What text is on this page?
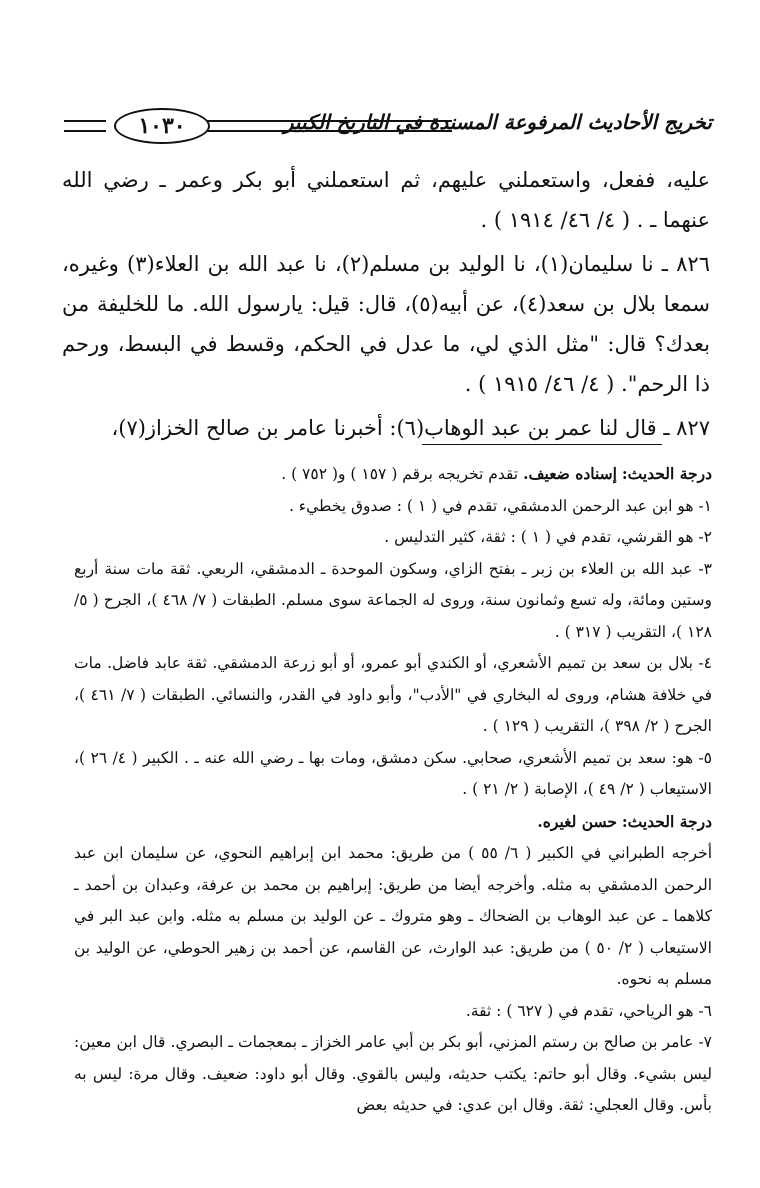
تخريج الأحاديث المرفوعة المسندة في التاريخ الكبير
١٠٣٠

عليه، ففعل، واستعملني عليهم، ثم استعملني أبو بكر وعمر ـ رضي الله عنهما ـ . ( ٤/ ٤٦/ ١٩١٤ ) .

٨٢٦ ـ نا سليمان(١)، نا الوليد بن مسلم(٢)، نا عبد الله بن العلاء(٣) وغيره، سمعا بلال بن سعد(٤)، عن أبيه(٥)، قال: قيل: يارسول الله. ما للخليفة من بعدك؟ قال: "مثل الذي لي، ما عدل في الحكم، وقسط في البسط، ورحم ذا الرحم". ( ٤/ ٤٦/ ١٩١٥ ) .

٨٢٧ ـ قال لنا عمر بن عبد الوهاب(٦): أخبرنا عامر بن صالح الخزاز(٧)،

درجة الحديث: إسناده ضعيف. تقدم تخريجه برقم ( ١٥٧ ) و( ٧٥٢ ) .

١- هو ابن عبد الرحمن الدمشقي، تقدم في ( ١ ) : صدوق يخطيء .

٢- هو القرشي، تقدم في ( ١ ) : ثقة، كثير التدليس .

٣- عبد الله بن العلاء بن زبر ـ بفتح الزاي، وسكون الموحدة ـ الدمشقي، الربعي. ثقة مات سنة أربع وستين ومائة، وله تسع وثمانون سنة، وروى له الجماعة سوى مسلم. الطبقات ( ٧/ ٤٦٨ )، الجرح ( ٥/ ١٢٨ )، التقريب ( ٣١٧ ) .

٤- بلال بن سعد بن تميم الأشعري، أو الكندي أبو عمرو، أو أبو زرعة الدمشقي. ثقة عابد فاضل. مات في خلافة هشام، وروى له البخاري في "الأدب"، وأبو داود في القدر، والنسائي. الطبقات ( ٧/ ٤٦١ )، الجرح ( ٢/ ٣٩٨ )، التقريب ( ١٢٩ ) .

٥- هو: سعد بن تميم الأشعري، صحابي. سكن دمشق، ومات بها ـ رضي الله عنه ـ . الكبير ( ٤/ ٢٦ )، الاستيعاب ( ٢/ ٤٩ )، الإصابة ( ٢/ ٢١ ) .

درجة الحديث: حسن لغيره.

أخرجه الطبراني في الكبير ( ٦/ ٥٥ ) من طريق: محمد ابن إبراهيم النحوي، عن سليمان ابن عبد الرحمن الدمشقي به مثله. وأخرجه أيضا من طريق: إبراهيم بن محمد بن عرفة، وعبدان بن أحمد ـ كلاهما ـ عن عبد الوهاب بن الضحاك ـ وهو متروك ـ عن الوليد بن مسلم به مثله. وابن عبد البر في الاستيعاب ( ٢/ ٥٠ ) من طريق: عبد الوارث، عن القاسم، عن أحمد بن زهير الحوطي، عن الوليد بن مسلم به نحوه.

٦- هو الرياحي، تقدم في ( ٦٢٧ ) : ثقة.

٧- عامر بن صالح بن رستم المزني، أبو بكر بن أبي عامر الخزاز ـ بمعجمات ـ البصري. قال ابن معين: ليس بشيء. وقال أبو حاتم: يكتب حديثه، وليس بالقوي. وقال أبو داود: ضعيف. وقال مرة: ليس به بأس. وقال العجلي: ثقة. وقال ابن عدي: في حديثه بعض
